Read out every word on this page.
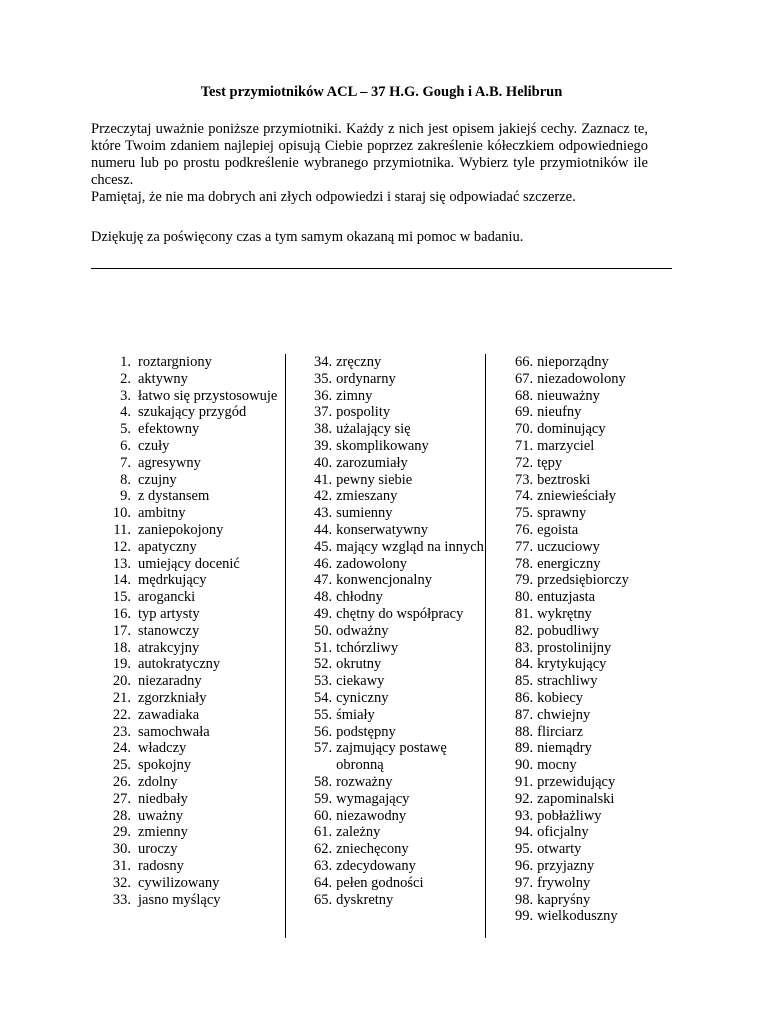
Test przymiotników ACL – 37 H.G. Gough i A.B. Helibrun

Przeczytaj uważnie poniższe przymiotniki. Każdy z nich jest opisem jakiejś cechy. Zaznacz te, które Twoim zdaniem najlepiej opisują Ciebie poprzez zakreślenie kółeczkiem odpowiedniego numeru lub po prostu podkreślenie wybranego przymiotnika. Wybierz tyle przymiotników ile chcesz.

Pamiętaj, że nie ma dobrych ani złych odpowiedzi i staraj się odpowiadać szczerze.

Dziękuję za poświęcony czas a tym samym okazaną mi pomoc w badaniu.
1. roztargniony
2. aktywny
3. łatwo się przystosowuje
4. szukający przygód
5. efektowny
6. czuły
7. agresywny
8. czujny
9. z dystansem
10. ambitny
11. zaniepokojony
12. apatyczny
13. umiejący docenić
14. mędrkujący
15. arogancki
16. typ artysty
17. stanowczy
18. atrakcyjny
19. autokratyczny
20. niezaradny
21. zgorzkniały
22. zawadiaka
23. samochwała
24. władczy
25. spokojny
26. zdolny
27. niedbały
28. uważny
29. zmienny
30. uroczy
31. radosny
32. cywilizowany
33. jasno myślący
34. zręczny
35. ordynarny
36. zimny
37. pospolity
38. użalający się
39. skomplikowany
40. zarozumiały
41. pewny siebie
42. zmieszany
43. sumienny
44. konserwatywny
45. mający wzgląd na innych
46. zadowolony
47. konwencjonalny
48. chłodny
49. chętny do współpracy
50. odważny
51. tchórzliwy
52. okrutny
53. ciekawy
54. cyniczny
55. śmiały
56. podstępny
57. zajmujący postawę obronną
58. rozważny
59. wymagający
60. niezawodny
61. zależny
62. zniechęcony
63. zdecydowany
64. pełen godności
65. dyskretny
66. nieporządny
67. niezadowolony
68. nieuważny
69. nieufny
70. dominujący
71. marzyciel
72. tępy
73. beztroski
74. zniewieściały
75. sprawny
76. egoista
77. uczuciowy
78. energiczny
79. przedsiębiorczy
80. entuzjasta
81. wykrętny
82. pobudliwy
83. prostolinijny
84. krytykujący
85. strachliwy
86. kobiecy
87. chwiejny
88. flirciarz
89. niemądry
90. mocny
91. przewidujący
92. zapominalski
93. pobłażliwy
94. oficjalny
95. otwarty
96. przyjazny
97. frywolny
98. kapryśny
99. wielkoduszny
